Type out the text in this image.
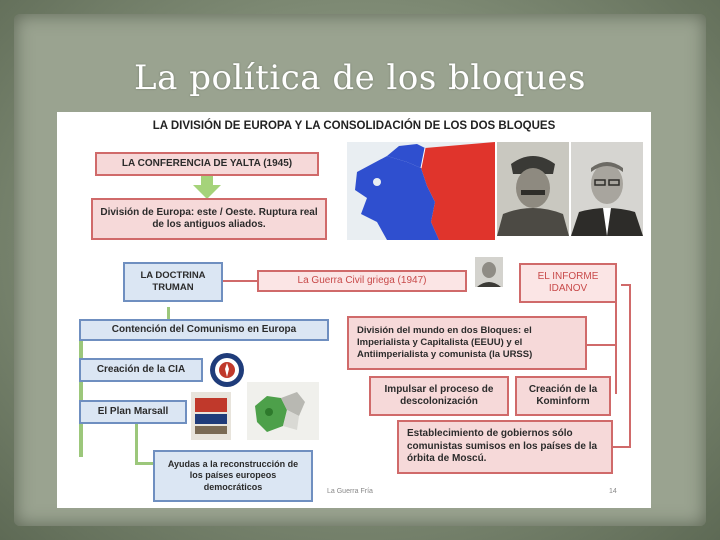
La política de los bloques
LA DIVISIÓN DE EUROPA Y LA CONSOLIDACIÓN DE LOS DOS BLOQUES
LA CONFERENCIA DE YALTA (1945)
División de Europa: este / Oeste. Ruptura real de los antiguos aliados.
LA DOCTRINA TRUMAN
La Guerra Civil griega (1947)	EL INFORME IDANOV
Contención del Comunismo en Europa
Creación de la CIA
El Plan Marsall
Ayudas a la reconstrucción de los países europeos democráticos
División del mundo en dos Bloques: el Imperialista y Capitalista (EEUU) y el Antiimperialista y comunista (la URSS)
Impulsar el proceso de descolonización
Creación de la Kominform
Establecimiento de gobiernos sólo comunistas sumisos en los países de la órbita de Moscú.
La Guerra Fría	14
